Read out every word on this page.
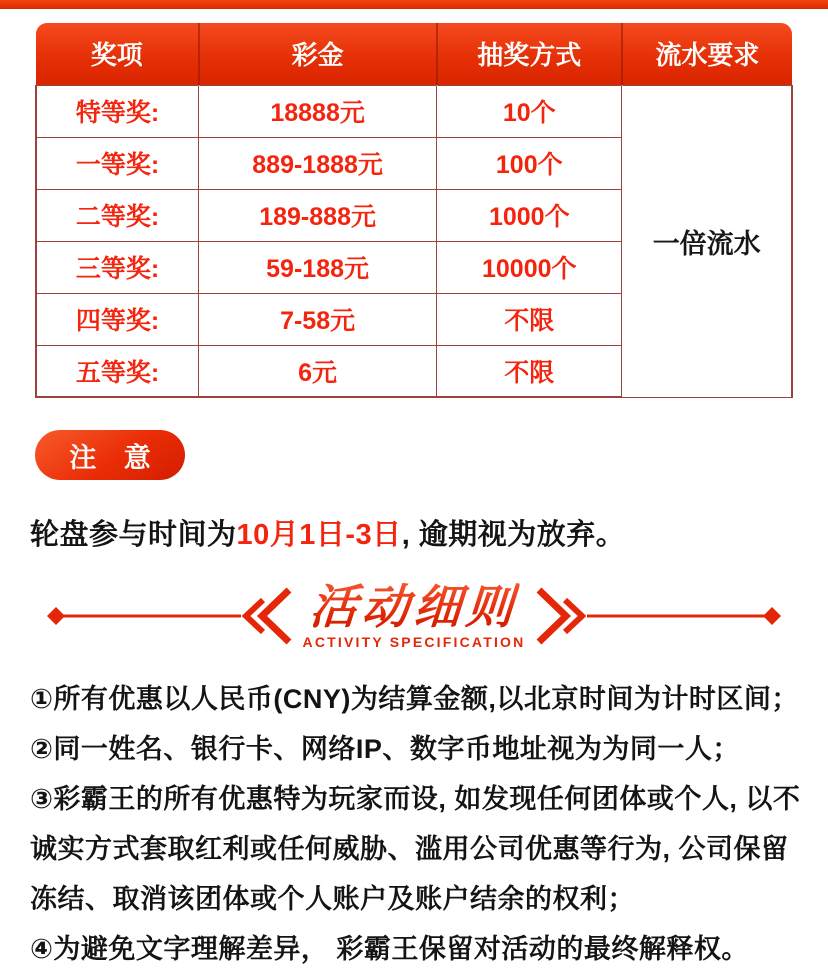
奖项	彩金	抽奖方式	流水要求
特等奖:	18888元	10个	一倍流水
一等奖:	889-1888元	100个	
二等奖:	189-888元	1000个	
三等奖:	59-188元	10000个	
四等奖:	7-58元	不限	
五等奖:	6元	不限	
注 意
轮盘参与时间为10月1日-3日, 逾期视为放弃。
活动细则
ACTIVITY SPECIFICATION

①所有优惠以人民币(CNY)为结算金额,以北京时间为计时区间；

②同一姓名、银行卡、网络IP、数字币地址视为为同一人；

③彩霸王的所有优惠特为玩家而设, 如发现任何团体或个人, 以不诚实方式套取红利或任何威胁、滥用公司优惠等行为, 公司保留冻结、取消该团体或个人账户及账户结余的权利；

④为避免文字理解差异， 彩霸王保留对活动的最终解释权。
